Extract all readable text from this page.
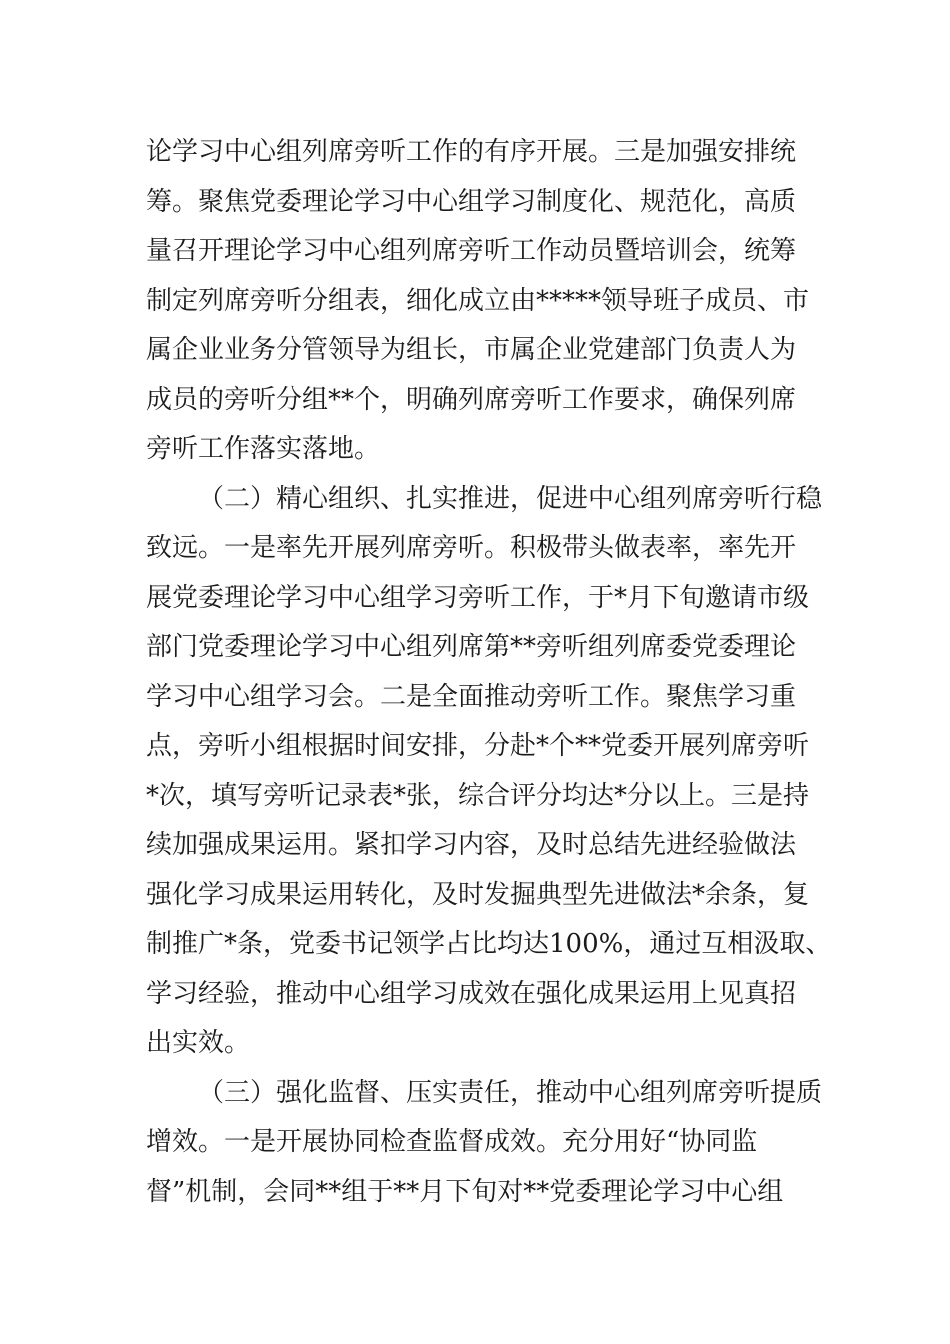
论学习中心组列席旁听工作的有序开展。三是加强安排统
筹。聚焦党委理论学习中心组学习制度化、规范化，高质
量召开理论学习中心组列席旁听工作动员暨培训会，统筹
制定列席旁听分组表，细化成立由*****领导班子成员、市
属企业业务分管领导为组长，市属企业党建部门负责人为
成员的旁听分组**个，明确列席旁听工作要求，确保列席
旁听工作落实落地。
（二）精心组织、扎实推进，促进中心组列席旁听行稳
致远。一是率先开展列席旁听。积极带头做表率，率先开
展党委理论学习中心组学习旁听工作，于*月下旬邀请市级
部门党委理论学习中心组列席第**旁听组列席委党委理论
学习中心组学习会。二是全面推动旁听工作。聚焦学习重
点，旁听小组根据时间安排，分赴*个**党委开展列席旁听
*次，填写旁听记录表*张，综合评分均达*分以上。三是持
续加强成果运用。紧扣学习内容，及时总结先进经验做法
强化学习成果运用转化，及时发掘典型先进做法*余条，复
制推广*条，党委书记领学占比均达100%，通过互相汲取、
学习经验，推动中心组学习成效在强化成果运用上见真招
出实效。
（三）强化监督、压实责任，推动中心组列席旁听提质
增效。一是开展协同检查监督成效。充分用好“协同监
督”机制，会同**组于**月下旬对**党委理论学习中心组
